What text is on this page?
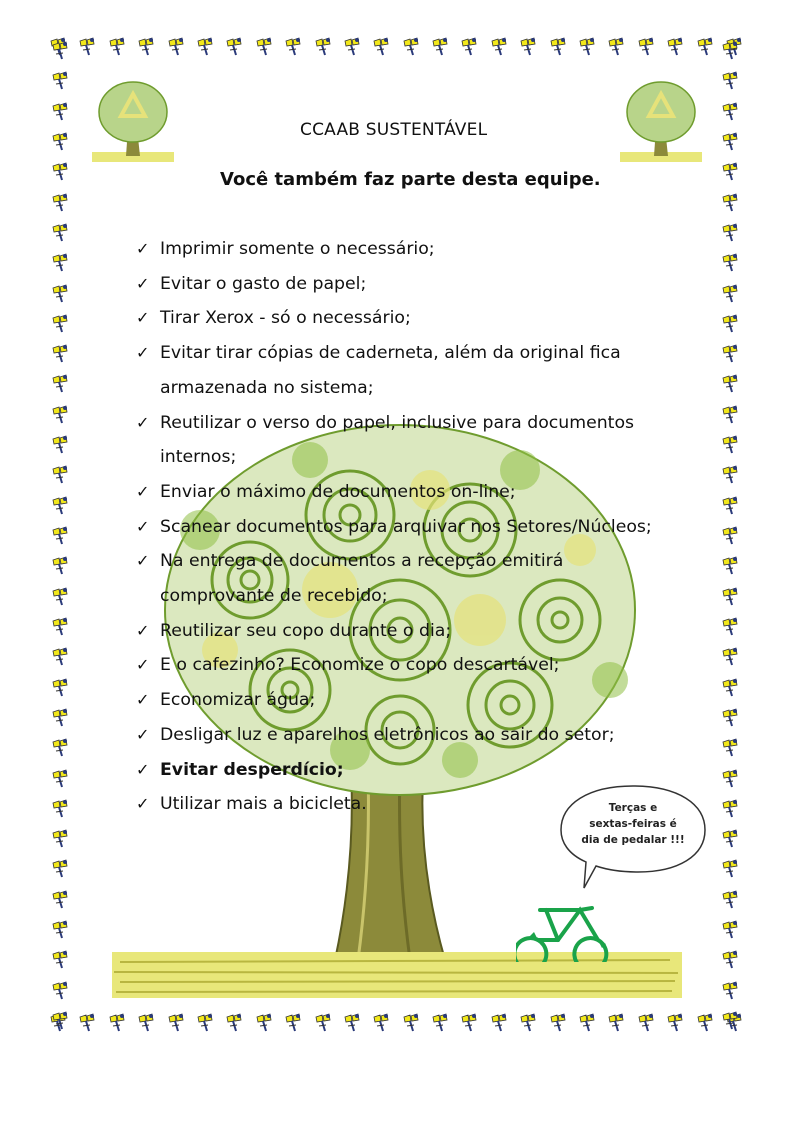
CCAAB SUSTENTÁVEL
Você também faz parte desta equipe.
✓ Imprimir somente o necessário;
✓ Evitar o gasto de papel;
✓ Tirar Xerox - só o necessário;
✓ Evitar tirar cópias de caderneta, além da original fica
armazenada no sistema;
✓ Reutilizar o verso do papel, inclusive para documentos
internos;
✓ Enviar o máximo de documentos on-line;
✓ Scanear documentos para arquivar nos Setores/Núcleos;
✓ Na entrega de documentos a recepção emitirá
comprovante de recebido;
✓ Reutilizar seu copo durante o dia;
✓ E o cafezinho? Economize o copo descartável;
✓ Economizar água;
✓ Desligar luz e aparelhos eletrônicos ao sair do setor;
✓ Evitar desperdício;
✓ Utilizar mais a bicicleta.	Terças e
sextas-feiras é
dia de pedalar !!!
